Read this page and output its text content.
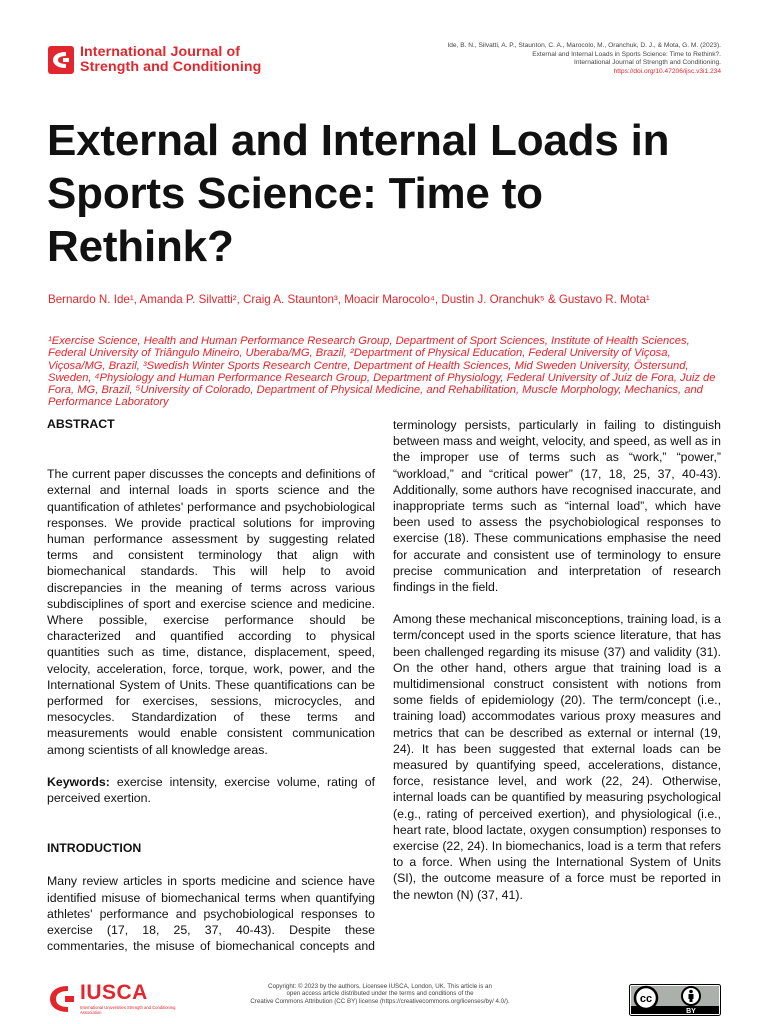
International Journal of
Strength and Conditioning
Ide, B. N., Silvatti, A. P., Staunton, C. A., Marocolo, M., Oranchuk, D. J., & Mota, G. M. (2023).
External and Internal Loads in Sports Science: Time to Rethink?.
International Journal of Strength and Conditioning.
https://doi.org/10.47206/ijsc.v3i1.234
External and Internal Loads in Sports Science: Time to Rethink?
Bernardo N. Ide¹, Amanda P. Silvatti², Craig A. Staunton³, Moacir Marocolo⁴, Dustin J. Oranchuk⁵ & Gustavo R. Mota¹
¹Exercise Science, Health and Human Performance Research Group, Department of Sport Sciences, Institute of Health Sciences, Federal University of Triângulo Mineiro, Uberaba/MG, Brazil, ²Department of Physical Education, Federal University of Viçosa, Viçosa/MG, Brazil, ³Swedish Winter Sports Research Centre, Department of Health Sciences, Mid Sweden University, Östersund, Sweden, ⁴Physiology and Human Performance Research Group, Department of Physiology, Federal University of Juiz de Fora, Juiz de Fora, MG, Brazil, ⁵University of Colorado, Department of Physical Medicine, and Rehabilitation, Muscle Morphology, Mechanics, and Performance Laboratory
ABSTRACT

The current paper discusses the concepts and definitions of external and internal loads in sports science and the quantification of athletes' performance and psychobiological responses. We provide practical solutions for improving human performance assessment by suggesting related terms and consistent terminology that align with biomechanical standards. This will help to avoid discrepancies in the meaning of terms across various subdisciplines of sport and exercise science and medicine. Where possible, exercise performance should be characterized and quantified according to physical quantities such as time, distance, displacement, speed, velocity, acceleration, force, torque, work, power, and the International System of Units. These quantifications can be performed for exercises, sessions, microcycles, and mesocycles. Standardization of these terms and measurements would enable consistent communication among scientists of all knowledge areas.

Keywords: exercise intensity, exercise volume, rating of perceived exertion.

INTRODUCTION

Many review articles in sports medicine and science have identified misuse of biomechanical terms when quantifying athletes' performance and psychobiological responses to exercise (17, 18, 25, 37, 40-43). Despite these commentaries, the misuse of biomechanical concepts and

terminology persists, particularly in failing to distinguish between mass and weight, velocity, and speed, as well as in the improper use of terms such as “work,” “power,” “workload,” and “critical power” (17, 18, 25, 37, 40-43). Additionally, some authors have recognised inaccurate, and inappropriate terms such as “internal load”, which have been used to assess the psychobiological responses to exercise (18). These communications emphasise the need for accurate and consistent use of terminology to ensure precise communication and interpretation of research findings in the field.

Among these mechanical misconceptions, training load, is a term/concept used in the sports science literature, that has been challenged regarding its misuse (37) and validity (31). On the other hand, others argue that training load is a multidimensional construct consistent with notions from some fields of epidemiology (20). The term/concept (i.e., training load) accommodates various proxy measures and metrics that can be described as external or internal (19, 24). It has been suggested that external loads can be measured by quantifying speed, accelerations, distance, force, resistance level, and work (22, 24). Otherwise, internal loads can be quantified by measuring psychological (e.g., rating of perceived exertion), and physiological (i.e., heart rate, blood lactate, oxygen consumption) responses to exercise (22, 24). In biomechanics, load is a term that refers to a force. When using the International System of Units (SI), the outcome measure of a force must be reported in the newton (N) (37, 41).

IUSCA
International Universities Strength and Conditioning Association
Copyright: © 2023 by the authors. Licensee IUSCA, London, UK. This article is an
open access article distributed under the terms and conditions of the
Creative Commons Attribution (CC BY) license (https://creativecommons.org/licenses/by/ 4.0/).	cc
BY
